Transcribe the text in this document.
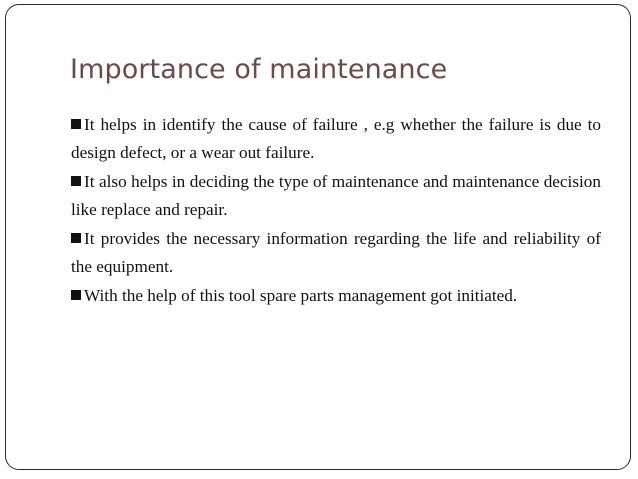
Importance of maintenance
It helps in identify the cause of failure , e.g whether the failure is due to design defect, or a wear out failure.
It also helps in deciding the type of maintenance and maintenance decision like replace and repair.
It provides the necessary information regarding the life and reliability of the equipment.
With the help of this tool spare parts management got initiated.
